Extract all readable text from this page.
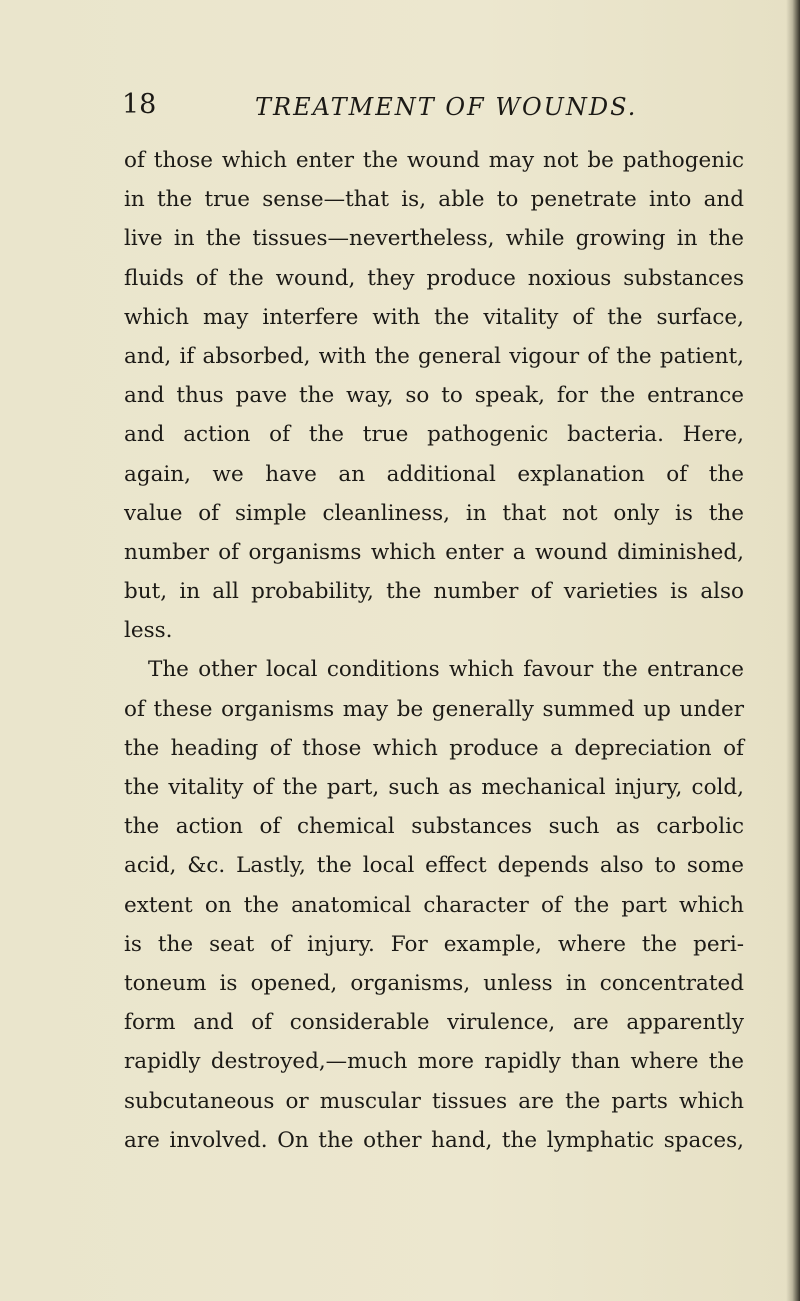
18	TREATMENT OF WOUNDS.
of those which enter the wound may not be pathogenic
in the true sense—that is, able to penetrate into and
live in the tissues—nevertheless, while growing in the
fluids of the wound, they produce noxious substances
which may interfere with the vitality of the surface,
and, if absorbed, with the general vigour of the patient,
and thus pave the way, so to speak, for the entrance
and action of the true pathogenic bacteria. Here,
again, we have an additional explanation of the
value of simple cleanliness, in that not only is the
number of organisms which enter a wound diminished,
but, in all probability, the number of varieties is also
less.
The other local conditions which favour the entrance
of these organisms may be generally summed up under
the heading of those which produce a depreciation of
the vitality of the part, such as mechanical injury, cold,
the action of chemical substances such as carbolic
acid, &c. Lastly, the local effect depends also to some
extent on the anatomical character of the part which
is the seat of injury. For example, where the peri-
toneum is opened, organisms, unless in concentrated
form and of considerable virulence, are apparently
rapidly destroyed,—much more rapidly than where the
subcutaneous or muscular tissues are the parts which
are involved. On the other hand, the lymphatic spaces,
